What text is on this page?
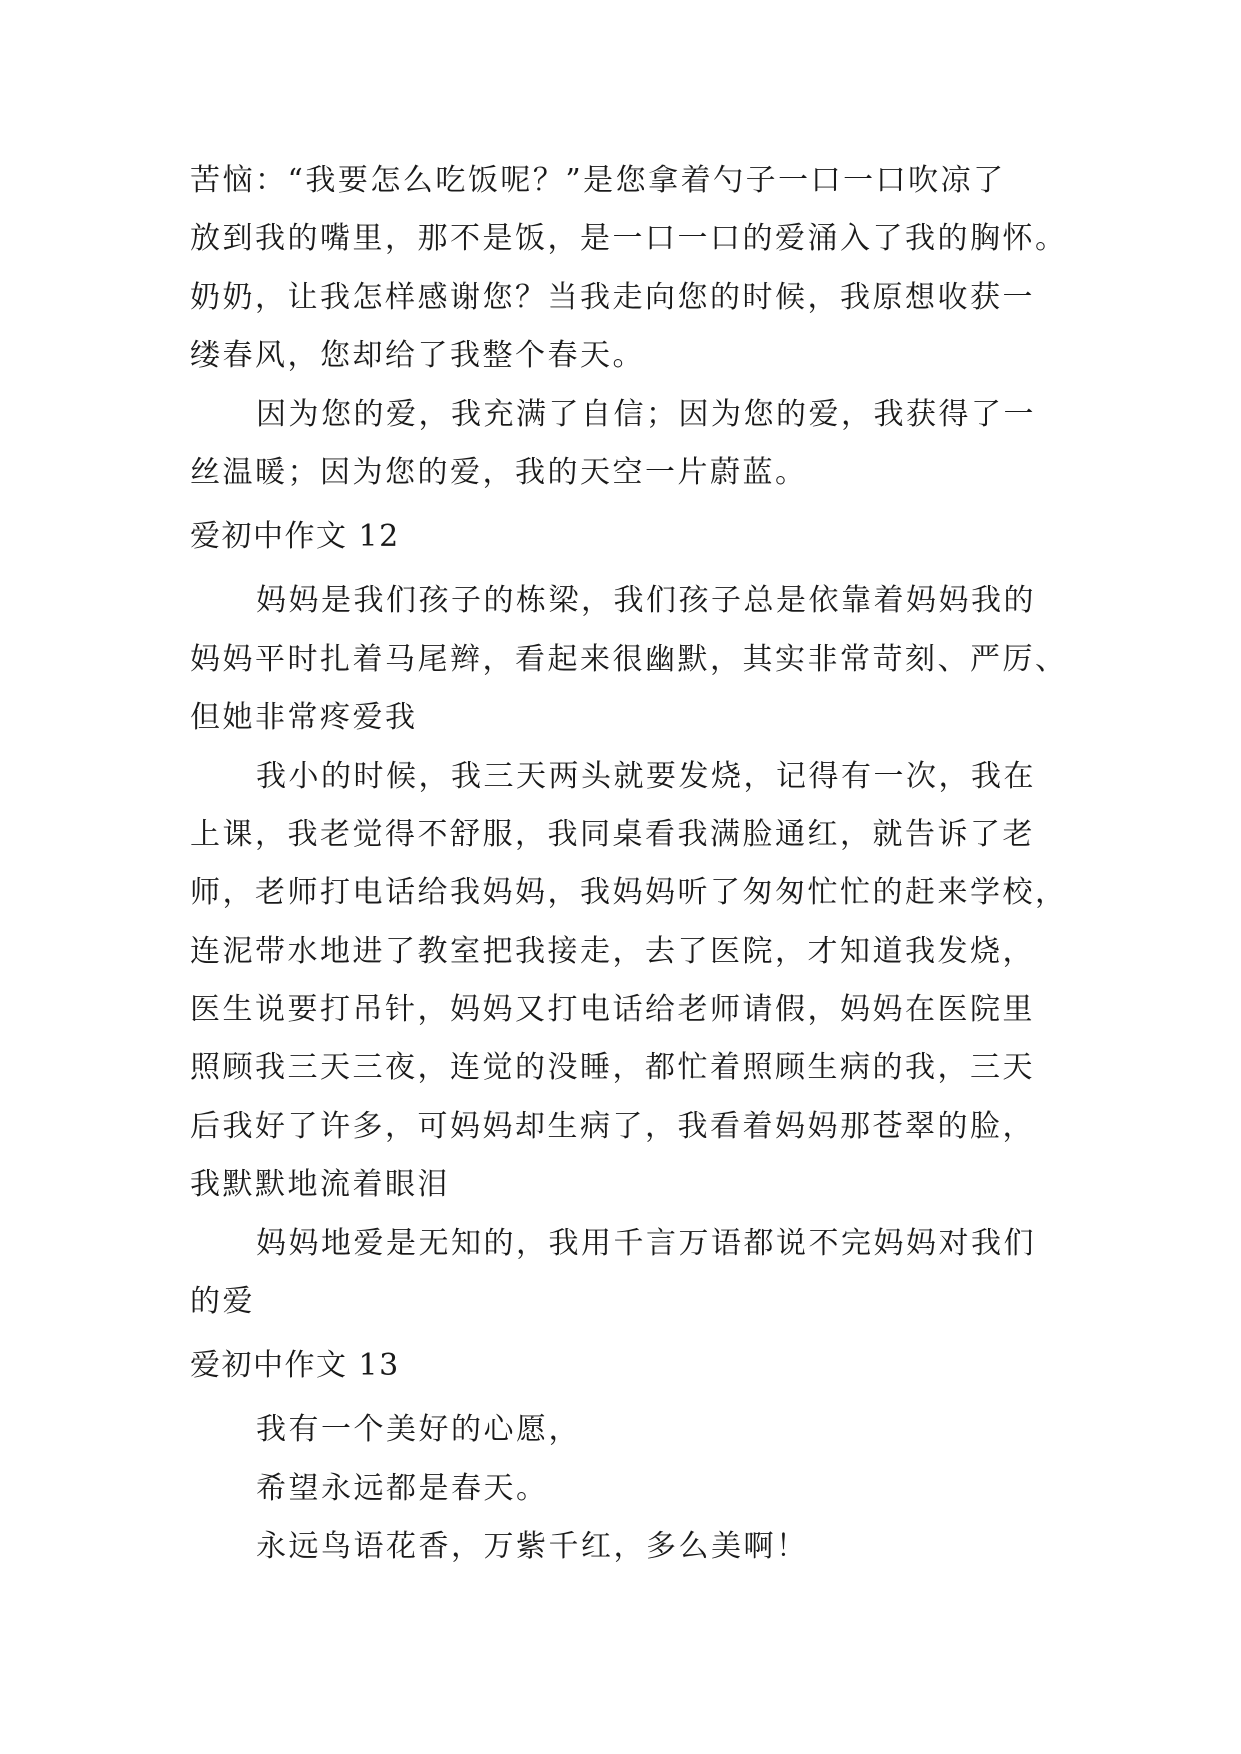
苦恼：“我要怎么吃饭呢？”是您拿着勺子一口一口吹凉了
放到我的嘴里，那不是饭，是一口一口的爱涌入了我的胸怀。
奶奶，让我怎样感谢您？当我走向您的时候，我原想收获一
缕春风，您却给了我整个春天。
因为您的爱，我充满了自信；因为您的爱，我获得了一
丝温暖；因为您的爱，我的天空一片蔚蓝。
爱初中作文 12
妈妈是我们孩子的栋梁，我们孩子总是依靠着妈妈我的
妈妈平时扎着马尾辫，看起来很幽默，其实非常苛刻、严厉、
但她非常疼爱我
我小的时候，我三天两头就要发烧，记得有一次，我在
上课，我老觉得不舒服，我同桌看我满脸通红，就告诉了老
师，老师打电话给我妈妈，我妈妈听了匆匆忙忙的赶来学校，
连泥带水地进了教室把我接走，去了医院，才知道我发烧，
医生说要打吊针，妈妈又打电话给老师请假，妈妈在医院里
照顾我三天三夜，连觉的没睡，都忙着照顾生病的我，三天
后我好了许多，可妈妈却生病了，我看着妈妈那苍翠的脸，
我默默地流着眼泪
妈妈地爱是无知的，我用千言万语都说不完妈妈对我们
的爱
爱初中作文 13
我有一个美好的心愿，
希望永远都是春天。
永远鸟语花香，万紫千红，多么美啊！
